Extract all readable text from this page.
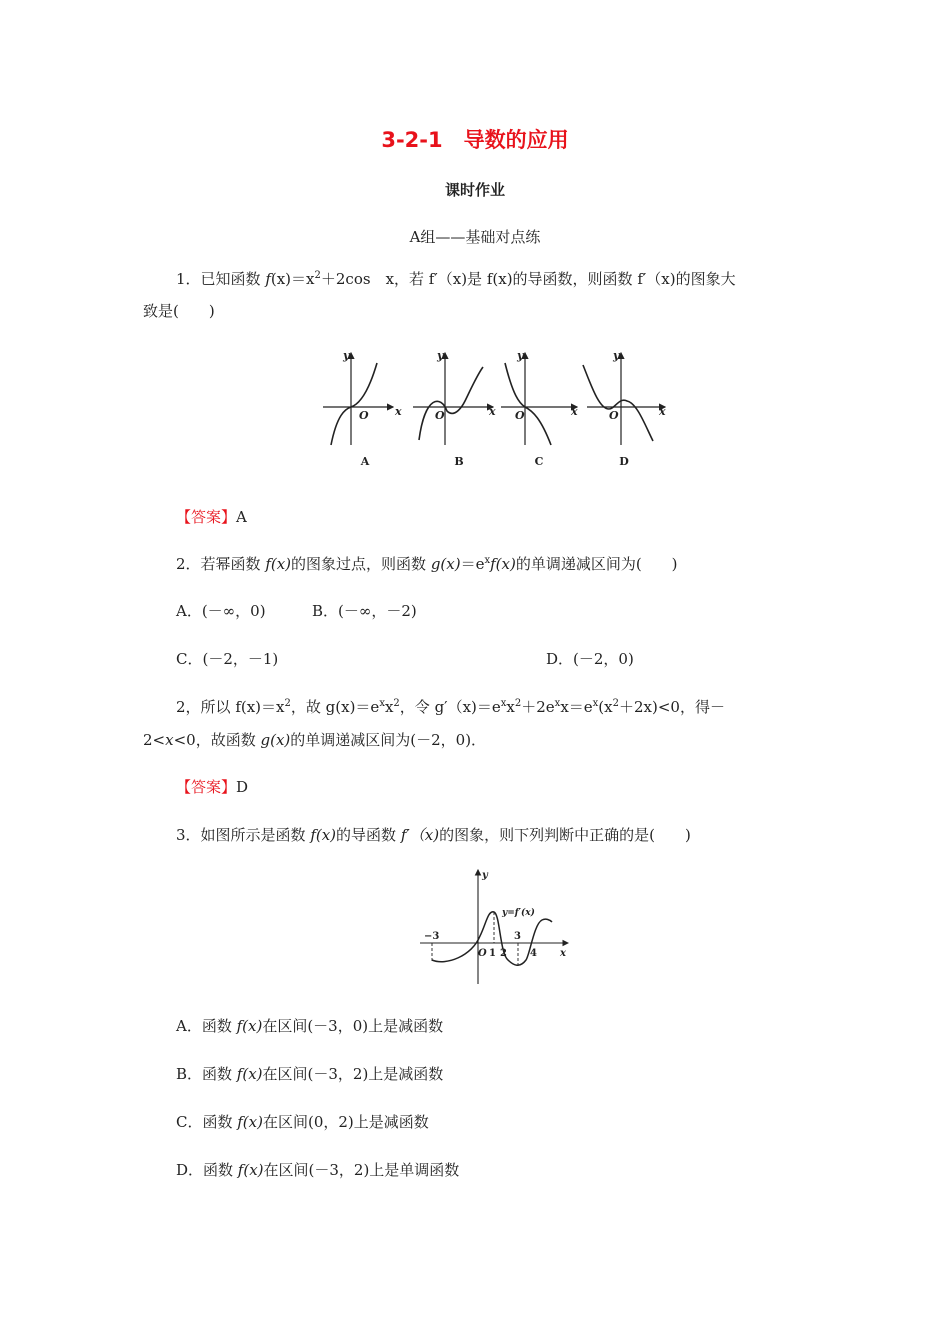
3-2-1　导数的应用
课时作业
A组——基础对点练
1．已知函数 $f(x)=x^2+2\cos$　x，若 f′（x)是 f(x)的导函数，则函数 f′（x)的图象大
致是(　　)
y
x
O
y
x
O
y
x
O
y
x
O
A	B	C	D
【答案】A
2．若幂函数 f(x)的图象过点，则函数 $g(x)=e^xf(x)$的单调递减区间为(　　)
A．(－∞，0)	B．(－∞，－2)
C．(－2，－1)	D．(－2，0)
2，所以 $f(x)=x^2$，故 $g(x)=e^xx^2$，令 $g'(x)=e^xx^2+2e^xx=e^x(x^2+2x)<0$，得－
2<x<0，故函数 g(x)的单调递减区间为(－2，0)．
【答案】D
3．如图所示是函数 f(x)的导函数 f′（x)的图象，则下列判断中正确的是(　　)
y
x
y=f′(x)
−3
O 1 2
3
4
A．函数 f(x)在区间(－3，0)上是减函数
B．函数 f(x)在区间(－3，2)上是减函数
C．函数 f(x)在区间(0，2)上是减函数
D．函数 f(x)在区间(－3，2)上是单调函数
